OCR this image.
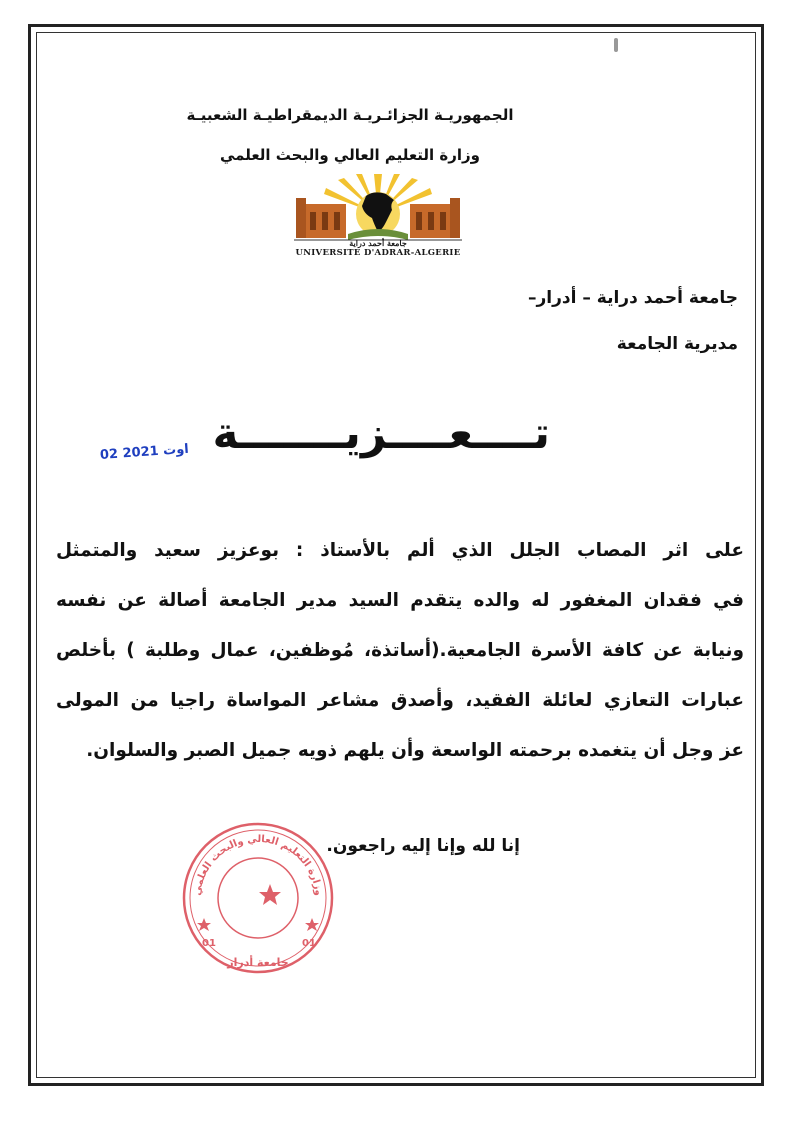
الجمهوريـة الجزائـريـة الديمقراطيـة الشعبيـة
وزارة التعليم العالي والبحث العلمي
جامعة أحمد دراية
UNIVERSITE D'ADRAR-ALGERIE
جامعة أحمد دراية – أدرار–
مديرية الجامعة
تــــعــــزيـــــــة
02 اوت 2021
على اثر المصاب الجلل الذي ألم بالأستاذ : بوعزيز سعيد والمتمثل
في فقدان المغفور له والده يتقدم السيد مدير الجامعة أصالة عن نفسه
ونيابة عن كافة الأسرة الجامعية.(أساتذة، مُوظفين، عمال وطلبة ) بأخلص
عبارات التعازي لعائلة الفقيد، وأصدق مشاعر المواساة راجيا من المولى
عز وجل أن يتغمده برحمته الواسعة وأن يلهم ذويه جميل الصبر والسلوان.
وزارة التعليم العالي والبحث العلمي
01	01
جامعة أدرار
إنا لله وإنا إليه راجعون.
